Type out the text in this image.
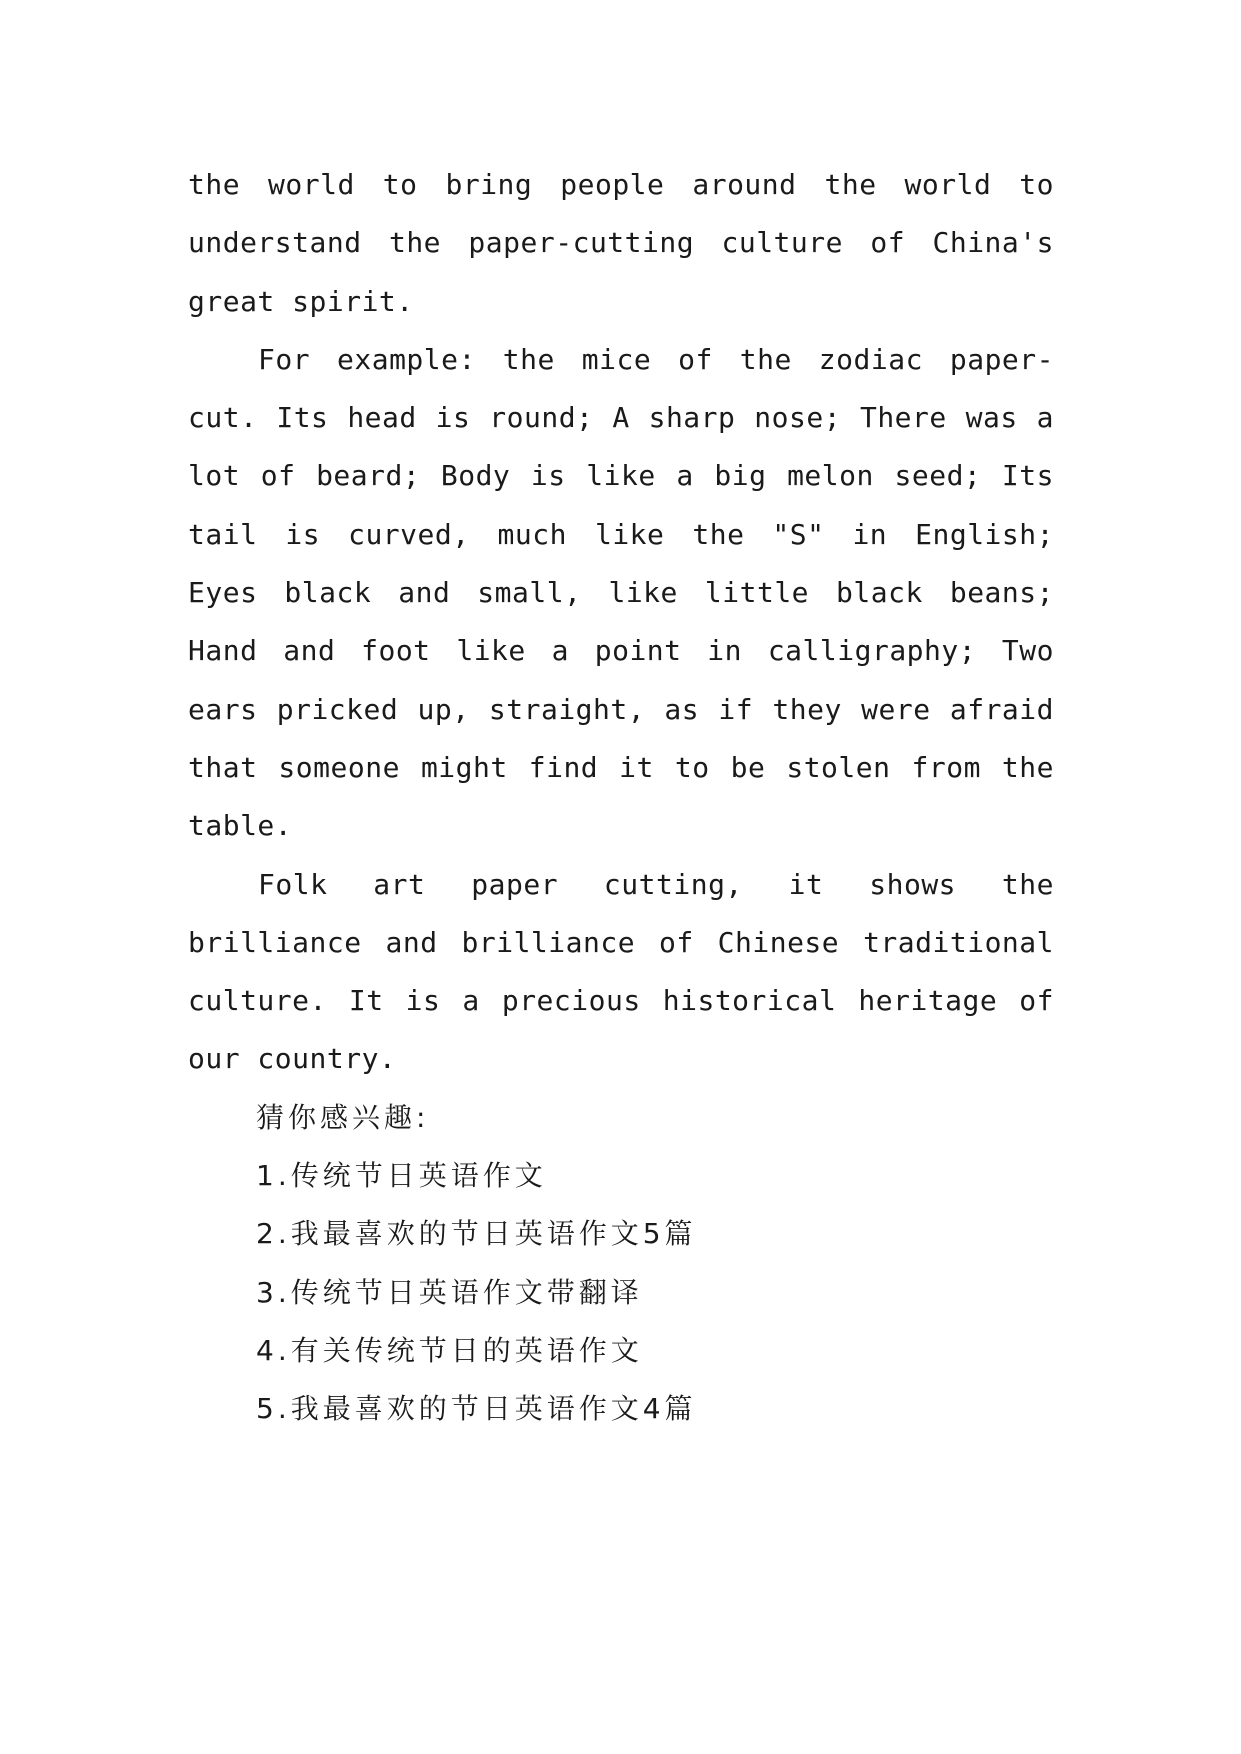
the world to bring people around the world to understand the paper-cutting culture of China's great spirit.

For example: the mice of the zodiac paper-cut. Its head is round; A sharp nose; There was a lot of beard; Body is like a big melon seed; Its tail is curved, much like the "S" in English; Eyes black and small, like little black beans; Hand and foot like a point in calligraphy; Two ears pricked up, straight, as if they were afraid that someone might find it to be stolen from the table.

Folk art paper cutting, it shows the brilliance and brilliance of Chinese traditional culture. It is a precious historical heritage of our country.

猜你感兴趣:

1.传统节日英语作文

2.我最喜欢的节日英语作文5篇

3.传统节日英语作文带翻译

4.有关传统节日的英语作文

5.我最喜欢的节日英语作文4篇
